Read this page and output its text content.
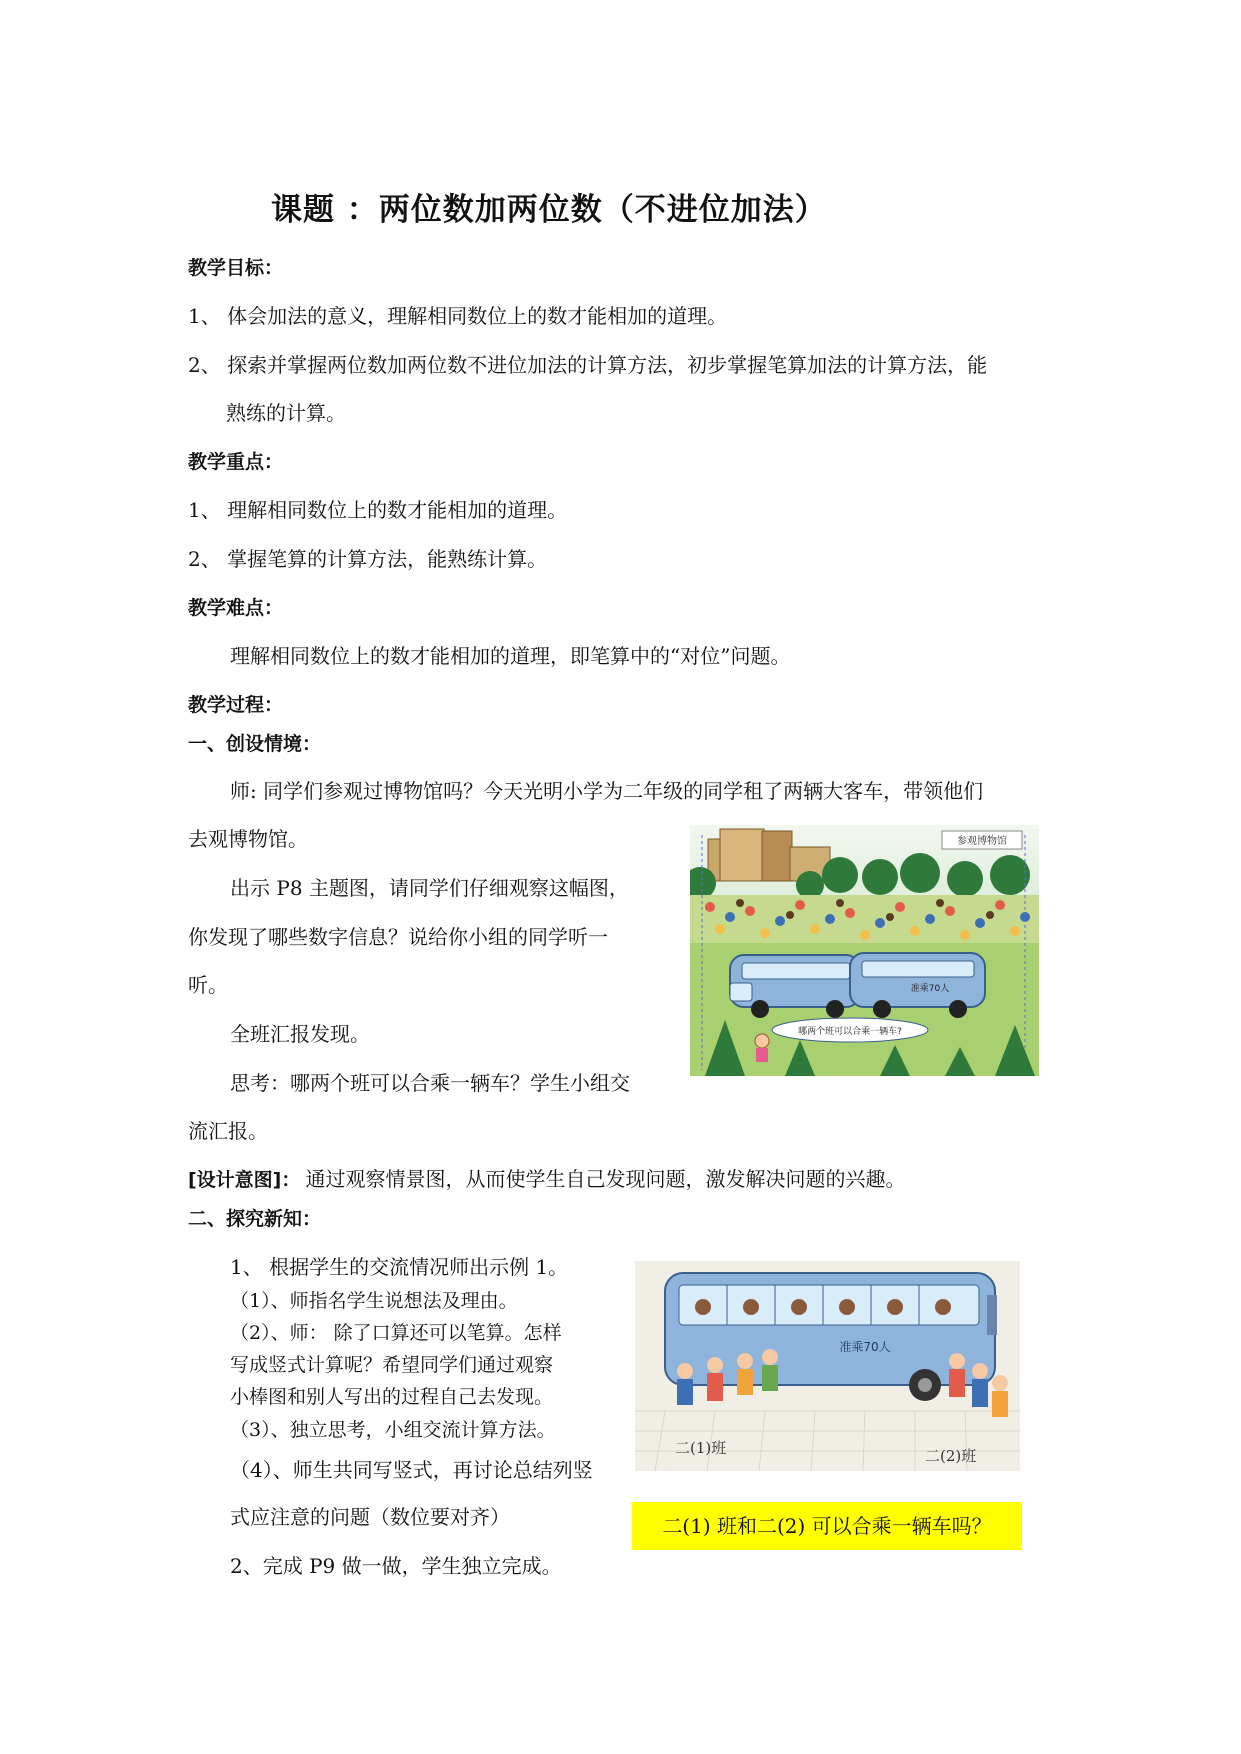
课题 ：两位数加两位数（不进位加法）
教学目标：
1、 体会加法的意义，理解相同数位上的数才能相加的道理。
2、 探索并掌握两位数加两位数不进位加法的计算方法，初步掌握笔算加法的计算方法，能
熟练的计算。
教学重点：
1、 理解相同数位上的数才能相加的道理。
2、 掌握笔算的计算方法，能熟练计算。
教学难点：
理解相同数位上的数才能相加的道理，即笔算中的“对位”问题。
教学过程：
一、创设情境：
师: 同学们参观过博物馆吗？今天光明小学为二年级的同学租了两辆大客车，带领他们
去观博物馆。
出示 P8 主题图，请同学们仔细观察这幅图，
你发现了哪些数字信息？说给你小组的同学听一
听。
全班汇报发现。
思考：哪两个班可以合乘一辆车？学生小组交
流汇报。
[设计意图]： 通过观察情景图，从而使学生自己发现问题，激发解决问题的兴趣。
二、探究新知：
1、 根据学生的交流情况师出示例 1。
（1）、师指名学生说想法及理由。
（2）、师： 除了口算还可以笔算。怎样
写成竖式计算呢？希望同学们通过观察
小棒图和别人写出的过程自己去发现。
（3）、独立思考，小组交流计算方法。
（4）、师生共同写竖式，再讨论总结列竖
式应注意的问题（数位要对齐）
2、完成 P9 做一做，学生独立完成。
参观博物馆
准乘70人
哪两个班可以合乘一辆车?
准乘70人
二(1)班	二(2)班
二(1) 班和二(2) 可以合乘一辆车吗？
